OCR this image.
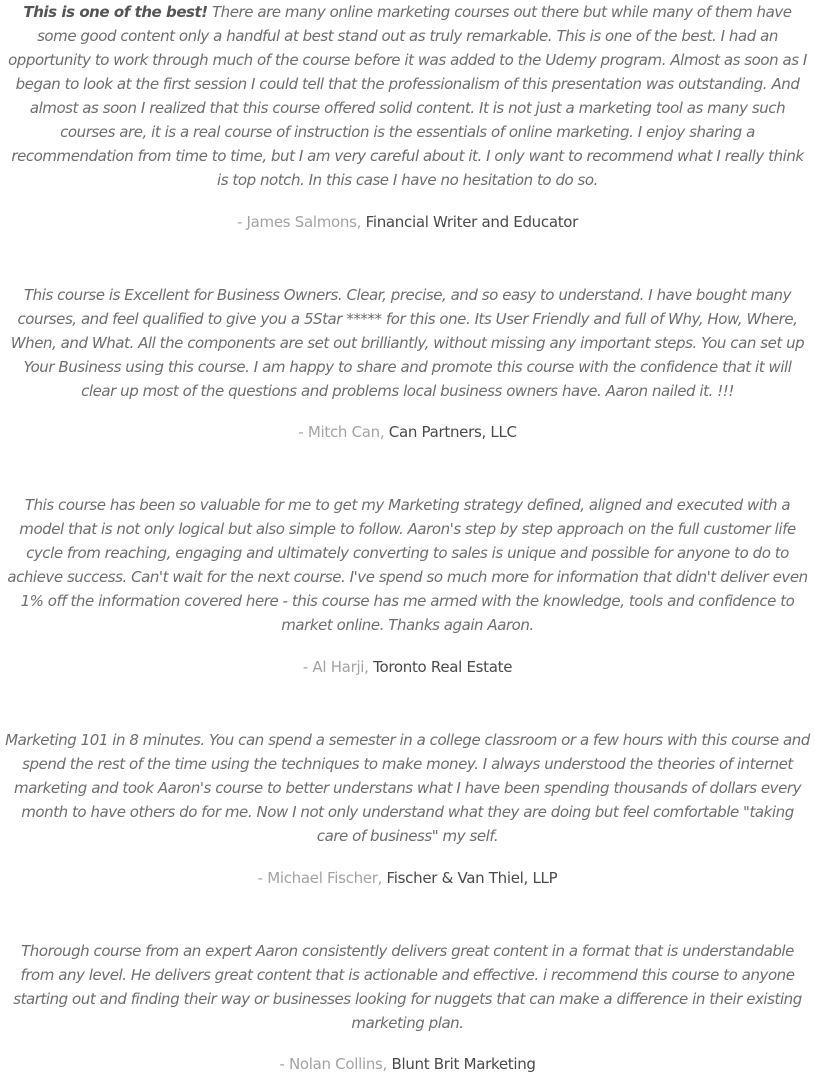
This is one of the best! There are many online marketing courses out there but while many of them have some good content only a handful at best stand out as truly remarkable. This is one of the best. I had an opportunity to work through much of the course before it was added to the Udemy program. Almost as soon as I began to look at the first session I could tell that the professionalism of this presentation was outstanding. And almost as soon I realized that this course offered solid content. It is not just a marketing tool as many such courses are, it is a real course of instruction is the essentials of online marketing. I enjoy sharing a recommendation from time to time, but I am very careful about it. I only want to recommend what I really think is top notch. In this case I have no hesitation to do so.

- James Salmons, Financial Writer and Educator

This course is Excellent for Business Owners. Clear, precise, and so easy to understand. I have bought many courses, and feel qualified to give you a 5Star ***** for this one. Its User Friendly and full of Why, How, Where, When, and What. All the components are set out brilliantly, without missing any important steps. You can set up Your Business using this course. I am happy to share and promote this course with the confidence that it will clear up most of the questions and problems local business owners have. Aaron nailed it. !!!

- Mitch Can, Can Partners, LLC

This course has been so valuable for me to get my Marketing strategy defined, aligned and executed with a model that is not only logical but also simple to follow. Aaron's step by step approach on the full customer life cycle from reaching, engaging and ultimately converting to sales is unique and possible for anyone to do to achieve success. Can't wait for the next course. I've spend so much more for information that didn't deliver even 1% off the information covered here - this course has me armed with the knowledge, tools and confidence to market online. Thanks again Aaron.

- Al Harji, Toronto Real Estate

Marketing 101 in 8 minutes. You can spend a semester in a college classroom or a few hours with this course and spend the rest of the time using the techniques to make money. I always understood the theories of internet marketing and took Aaron's course to better understans what I have been spending thousands of dollars every month to have others do for me. Now I not only understand what they are doing but feel comfortable "taking care of business" my self.

- Michael Fischer, Fischer & Van Thiel, LLP

Thorough course from an expert Aaron consistently delivers great content in a format that is understandable from any level. He delivers great content that is actionable and effective. i recommend this course to anyone starting out and finding their way or businesses looking for nuggets that can make a difference in their existing marketing plan.

- Nolan Collins, Blunt Brit Marketing
